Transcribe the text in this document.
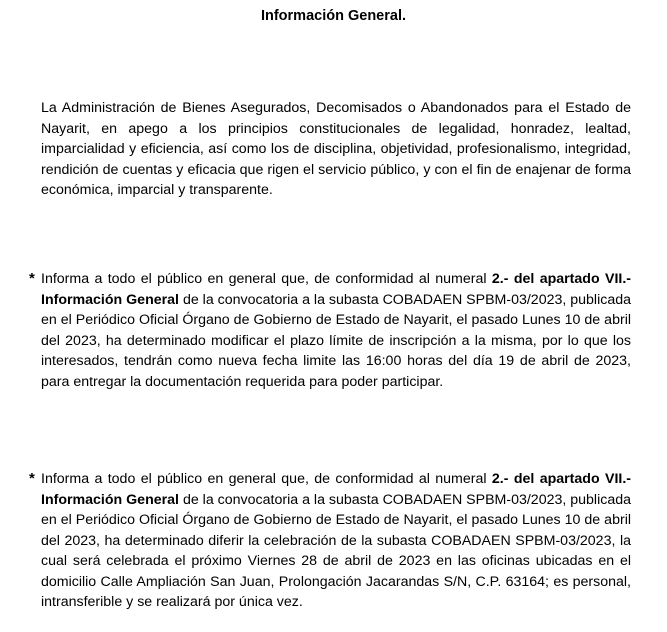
Información General.

La Administración de Bienes Asegurados, Decomisados o Abandonados para el Estado de Nayarit, en apego a los principios constitucionales de legalidad, honradez, lealtad, imparcialidad y eficiencia, así como los de disciplina, objetividad, profesionalismo, integridad, rendición de cuentas y eficacia que rigen el servicio público, y con el fin de enajenar de forma económica, imparcial y transparente.

* Informa a todo el público en general que, de conformidad al numeral 2.- del apartado VII.- Información General de la convocatoria a la subasta COBADAEN SPBM-03/2023, publicada en el Periódico Oficial Órgano de Gobierno de Estado de Nayarit, el pasado Lunes 10 de abril del 2023, ha determinado modificar el plazo límite de inscripción a la misma, por lo que los interesados, tendrán como nueva fecha limite las 16:00 horas del día 19 de abril de 2023, para entregar la documentación requerida para poder participar.

* Informa a todo el público en general que, de conformidad al numeral 2.- del apartado VII.- Información General de la convocatoria a la subasta COBADAEN SPBM-03/2023, publicada en el Periódico Oficial Órgano de Gobierno de Estado de Nayarit, el pasado Lunes 10 de abril del 2023, ha determinado diferir la celebración de la subasta COBADAEN SPBM-03/2023, la cual será celebrada el próximo Viernes 28 de abril de 2023 en las oficinas ubicadas en el domicilio Calle Ampliación San Juan, Prolongación Jacarandas S/N, C.P. 63164; es personal, intransferible y se realizará por única vez.
